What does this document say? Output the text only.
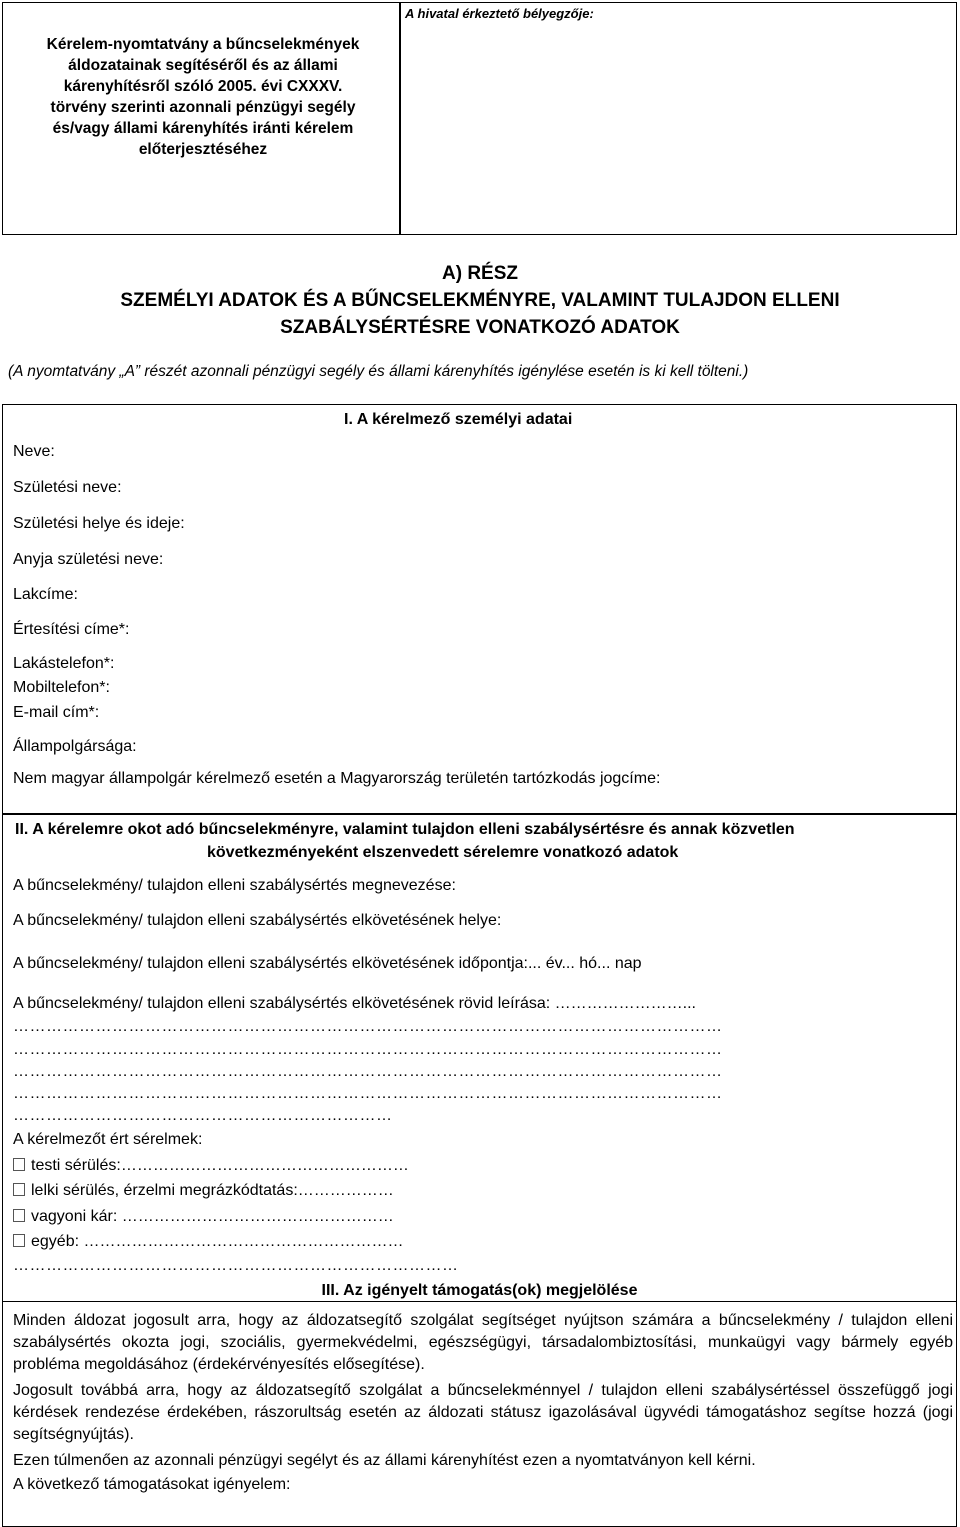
Kérelem-nyomtatvány a bűncselekmények
áldozatainak segítéséről és az állami
kárenyhítésről szóló 2005. évi CXXXV.
törvény szerinti azonnali pénzügyi segély
és/vagy állami kárenyhítés iránti kérelem
előterjesztéséhez
A hivatal érkeztető bélyegzője:
A) RÉSZ
SZEMÉLYI ADATOK ÉS A BŰNCSELEKMÉNYRE, VALAMINT TULAJDON ELLENI
SZABÁLYSÉRTÉSRE VONATKOZÓ ADATOK
(A nyomtatvány „A” részét azonnali pénzügyi segély és állami kárenyhítés igénylése esetén is ki kell tölteni.)
I. A kérelmező személyi adatai
Neve:
Születési neve:
Születési helye és ideje:
Anyja születési neve:
Lakcíme:
Értesítési címe*:
Lakástelefon*:
Mobiltelefon*:
E-mail cím*:
Állampolgársága:
Nem magyar állampolgár kérelmező esetén a Magyarország területén tartózkodás jogcíme:
II. A kérelemre okot adó bűncselekményre, valamint tulajdon elleni szabálysértésre és annak közvetlen
következményeként elszenvedett sérelemre vonatkozó adatok
A bűncselekmény/ tulajdon elleni szabálysértés megnevezése:
A bűncselekmény/ tulajdon elleni szabálysértés elkövetésének helye:
A bűncselekmény/ tulajdon elleni szabálysértés elkövetésének időpontja:... év... hó... nap
A bűncselekmény/ tulajdon elleni szabálysértés elkövetésének rövid leírása: ……………………...
…………………………………………………………………………………………………………………
…………………………………………………………………………………………………………………
…………………………………………………………………………………………………………………
…………………………………………………………………………………………………………………
……………………………………………………………
A kérelmezőt ért sérelmek:
testi sérülés:………………………………………………
lelki sérülés, érzelmi megrázkódtatás:………………
vagyoni kár: ……………………………………………
egyéb: ……………………………………………………
………………………………………………………………………
III. Az igényelt támogatás(ok) megjelölése
Minden áldozat jogosult arra, hogy az áldozatsegítő szolgálat segítséget nyújtson számára a bűncselekmény / tulajdon elleni szabálysértés okozta jogi, szociális, gyermekvédelmi, egészségügyi, társadalombiztosítási, munkaügyi vagy bármely egyéb probléma megoldásához (érdekérvényesítés elősegítése).
Jogosult továbbá arra, hogy az áldozatsegítő szolgálat a bűncselekménnyel / tulajdon elleni szabálysértéssel összefüggő jogi kérdések rendezése érdekében, rászorultság esetén az áldozati státusz igazolásával ügyvédi támogatáshoz segítse hozzá (jogi segítségnyújtás).
Ezen túlmenően az azonnali pénzügyi segélyt és az állami kárenyhítést ezen a nyomtatványon kell kérni.
A következő támogatásokat igényelem:
